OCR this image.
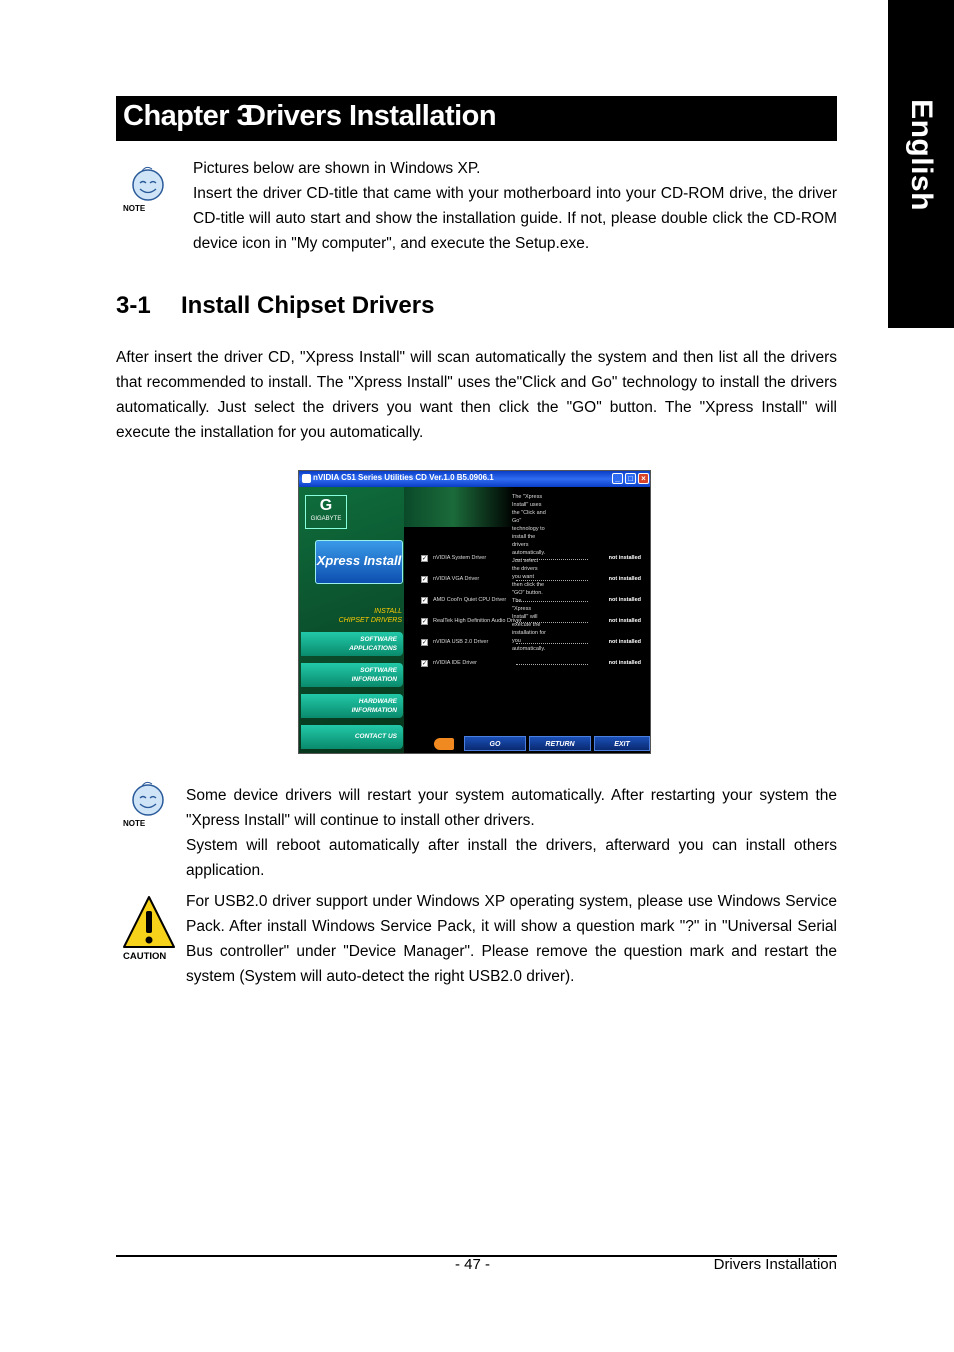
English
Chapter 3
Drivers Installation
NOTE

Pictures below are shown in Windows XP.

Insert the driver CD-title that came with your motherboard into your CD-ROM drive, the driver CD-title will auto start and show the installation guide. If not, please double click the CD-ROM device icon in "My computer", and execute the Setup.exe.

3-1 Install Chipset Drivers

After insert the driver CD, "Xpress Install" will scan automatically the system and then list all the drivers that recommended to install. The "Xpress Install" uses the"Click and Go" technology to install the drivers automatically. Just select the drivers you want then click the "GO" button. The "Xpress Install" will execute the installation for you automatically.

nVIDIA C51 Series Utilities CD Ver.1.0 B5.0906.1	_	□	×
G
GIGABYTE
Xpress Install
INSTALL
CHIPSET DRIVERS
SOFTWARE
APPLICATIONS
SOFTWARE
INFORMATION
HARDWARE
INFORMATION
CONTACT US
The "Xpress Install" uses the "Click and Go" technology to install the drivers
automatically. Just select the drivers you want then click the "GO" button. The
"Xpress Install" will execute the installation for you automatically.
✓ nVIDIA System Driver	not installed
✓ nVIDIA VGA Driver	not installed
✓ AMD Cool'n Quiet CPU Driver	not installed
✓ RealTek High Definition Audio Driver	not installed
✓ nVIDIA USB 2.0 Driver	not installed
✓ nVIDIA IDE Driver	not installed
GO	RETURN	EXIT
NOTE

Some device drivers will restart your system automatically. After restarting your system the "Xpress Install" will continue to install other drivers.

System will reboot automatically after install the drivers, afterward you can install others application.

CAUTION

For USB2.0 driver support under Windows XP operating system, please use Windows Service Pack. After install Windows Service Pack, it will show a question mark "?" in "Universal Serial Bus controller" under "Device Manager". Please remove the question mark and restart the system (System will auto-detect the right USB2.0 driver).

- 47 -	Drivers Installation
